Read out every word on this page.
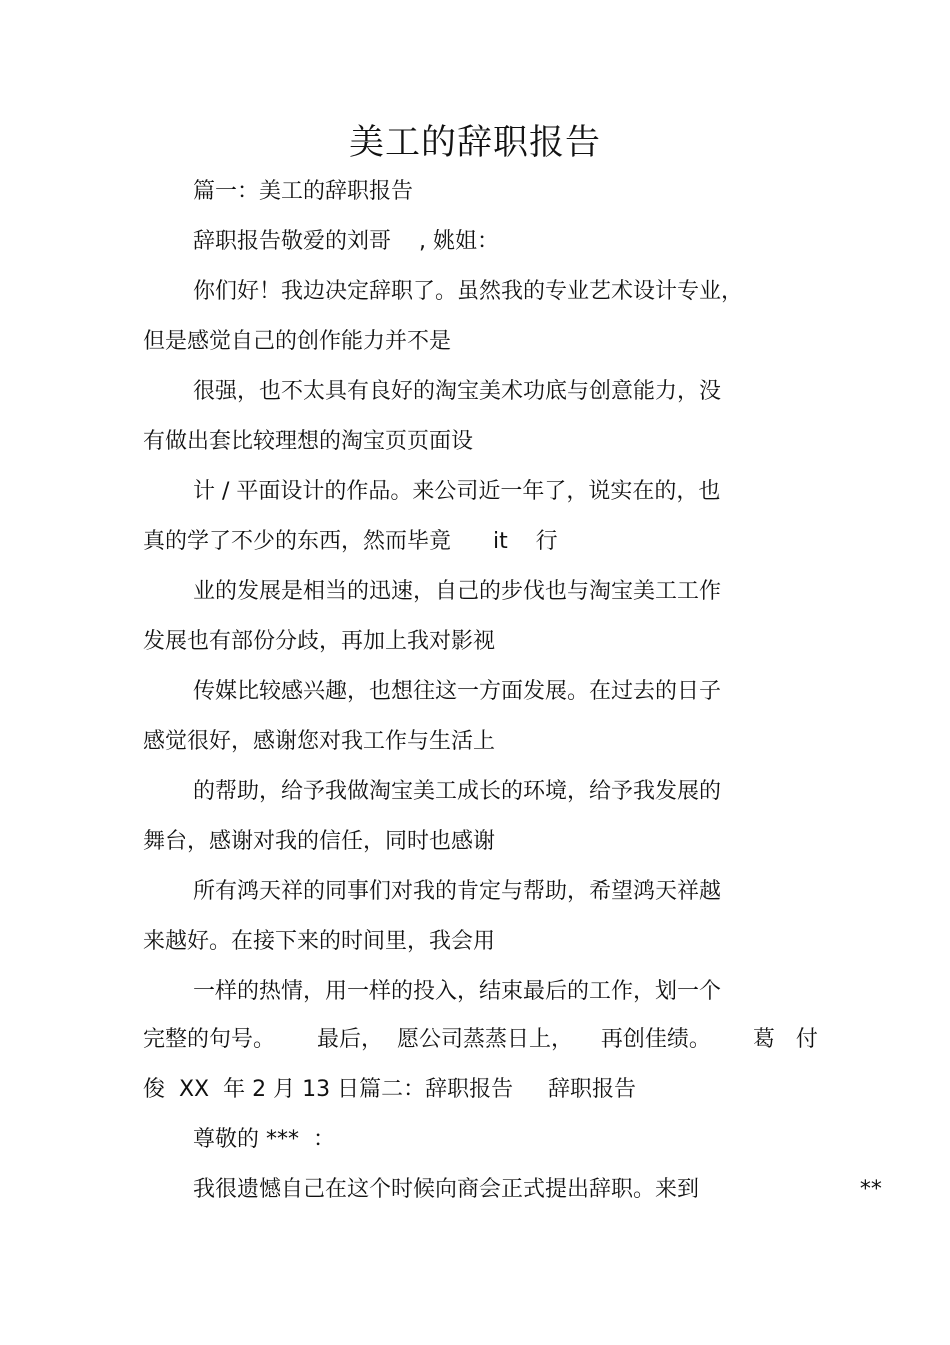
美工的辞职报告
篇一：美工的辞职报告
辞职报告敬爱的刘哥    , 姚姐：
你们好！我边决定辞职了。虽然我的专业艺术设计专业，
但是感觉自己的创作能力并不是
很强，也不太具有良好的淘宝美术功底与创意能力，没
有做出套比较理想的淘宝页页面设
计 / 平面设计的作品。来公司近一年了，说实在的，也
真的学了不少的东西，然而毕竟      it    行
业的发展是相当的迅速，自己的步伐也与淘宝美工工作
发展也有部份分歧，再加上我对影视
传媒比较感兴趣，也想往这一方面发展。在过去的日子
感觉很好，感谢您对我工作与生活上
的帮助，给予我做淘宝美工成长的环境，给予我发展的
舞台，感谢对我的信任，同时也感谢
所有鸿天祥的同事们对我的肯定与帮助，希望鸿天祥越
来越好。在接下来的时间里，我会用
一样的热情，用一样的投入，结束最后的工作，划一个
完整的句号。      最后，  愿公司蒸蒸日上，    再创佳绩。      葛   付
俊  XX  年 2 月 13 日篇二：辞职报告     辞职报告
尊敬的 ***  ：
我很遗憾自己在这个时候向商会正式提出辞职。来到                       **
